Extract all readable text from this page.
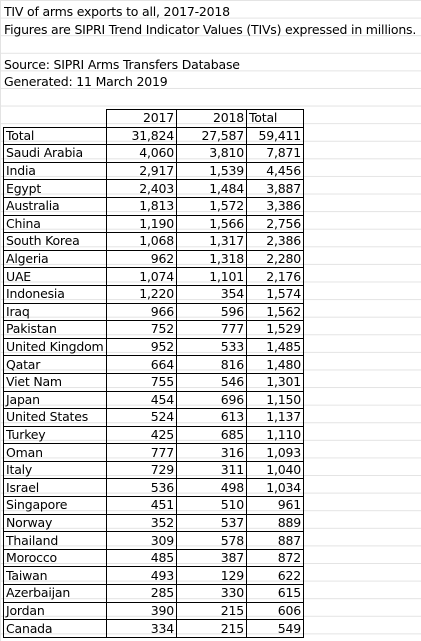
TIV of arms exports to all, 2017-2018
Figures are SIPRI Trend Indicator Values (TIVs) expressed in millions.
Source: SIPRI Arms Transfers Database
Generated: 11 March 2019
	2017	2018	Total
Total	31,824	27,587	59,411
Saudi Arabia	4,060	3,810	7,871
India	2,917	1,539	4,456
Egypt	2,403	1,484	3,887
Australia	1,813	1,572	3,386
China	1,190	1,566	2,756
South Korea	1,068	1,317	2,386
Algeria	962	1,318	2,280
UAE	1,074	1,101	2,176
Indonesia	1,220	354	1,574
Iraq	966	596	1,562
Pakistan	752	777	1,529
United Kingdom	952	533	1,485
Qatar	664	816	1,480
Viet Nam	755	546	1,301
Japan	454	696	1,150
United States	524	613	1,137
Turkey	425	685	1,110
Oman	777	316	1,093
Italy	729	311	1,040
Israel	536	498	1,034
Singapore	451	510	961
Norway	352	537	889
Thailand	309	578	887
Morocco	485	387	872
Taiwan	493	129	622
Azerbaijan	285	330	615
Jordan	390	215	606
Canada	334	215	549
